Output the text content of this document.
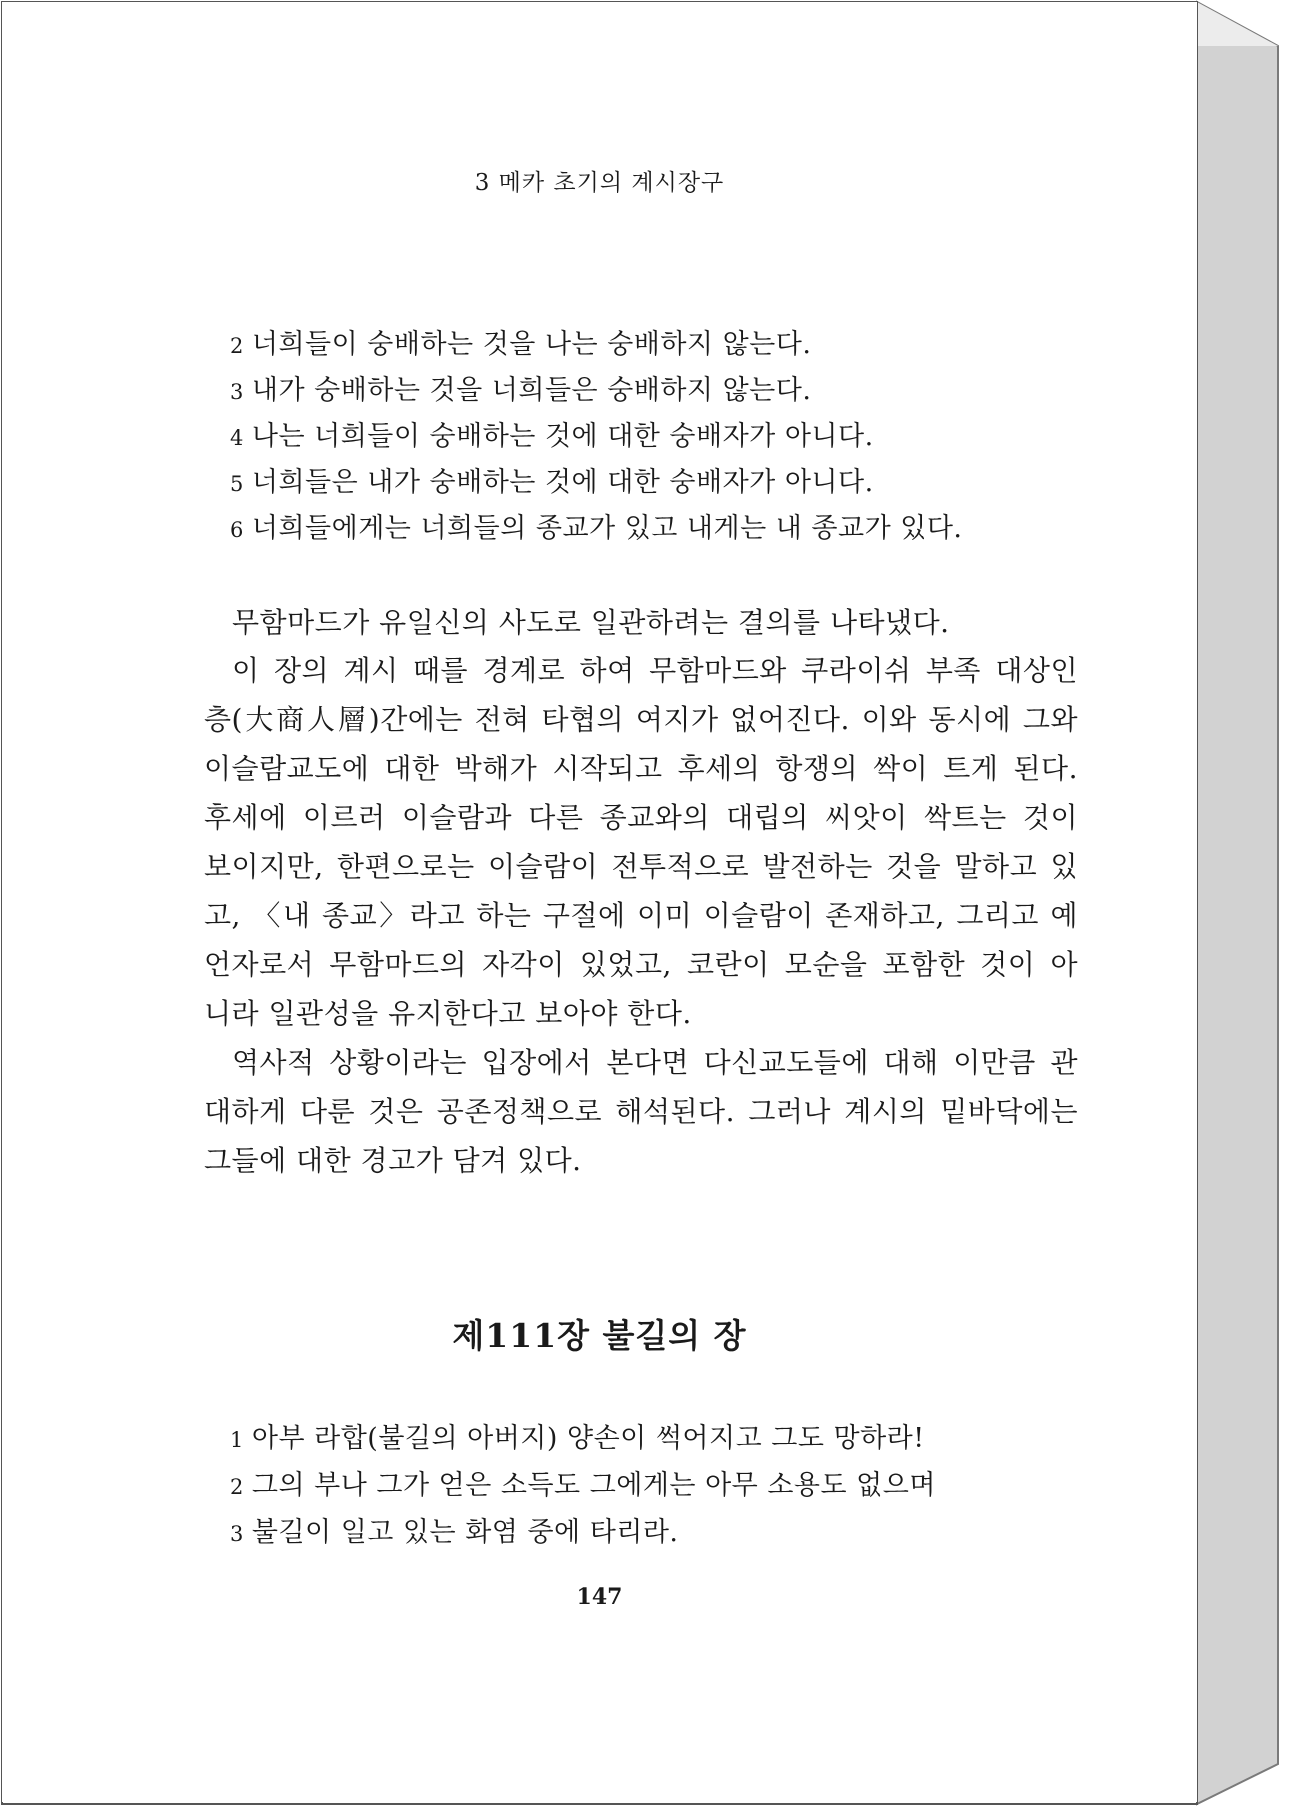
3 메카 초기의 계시장구
2 너희들이 숭배하는 것을 나는 숭배하지 않는다.
3 내가 숭배하는 것을 너희들은 숭배하지 않는다.
4 나는 너희들이 숭배하는 것에 대한 숭배자가 아니다.
5 너희들은 내가 숭배하는 것에 대한 숭배자가 아니다.
6 너희들에게는 너희들의 종교가 있고 내게는 내 종교가 있다.
무함마드가 유일신의 사도로 일관하려는 결의를 나타냈다.
이 장의 계시 때를 경계로 하여 무함마드와 쿠라이쉬 부족 대상인
층(大商人層)간에는 전혀 타협의 여지가 없어진다. 이와 동시에 그와
이슬람교도에 대한 박해가 시작되고 후세의 항쟁의 싹이 트게 된다.
후세에 이르러 이슬람과 다른 종교와의 대립의 씨앗이 싹트는 것이
보이지만, 한편으로는 이슬람이 전투적으로 발전하는 것을 말하고 있
고, 〈내 종교〉라고 하는 구절에 이미 이슬람이 존재하고, 그리고 예
언자로서 무함마드의 자각이 있었고, 코란이 모순을 포함한 것이 아
니라 일관성을 유지한다고 보아야 한다.
역사적 상황이라는 입장에서 본다면 다신교도들에 대해 이만큼 관
대하게 다룬 것은 공존정책으로 해석된다. 그러나 계시의 밑바닥에는
그들에 대한 경고가 담겨 있다.
제111장 불길의 장
1 아부 라합(불길의 아버지) 양손이 썩어지고 그도 망하라!
2 그의 부나 그가 얻은 소득도 그에게는 아무 소용도 없으며
3 불길이 일고 있는 화염 중에 타리라.
147
